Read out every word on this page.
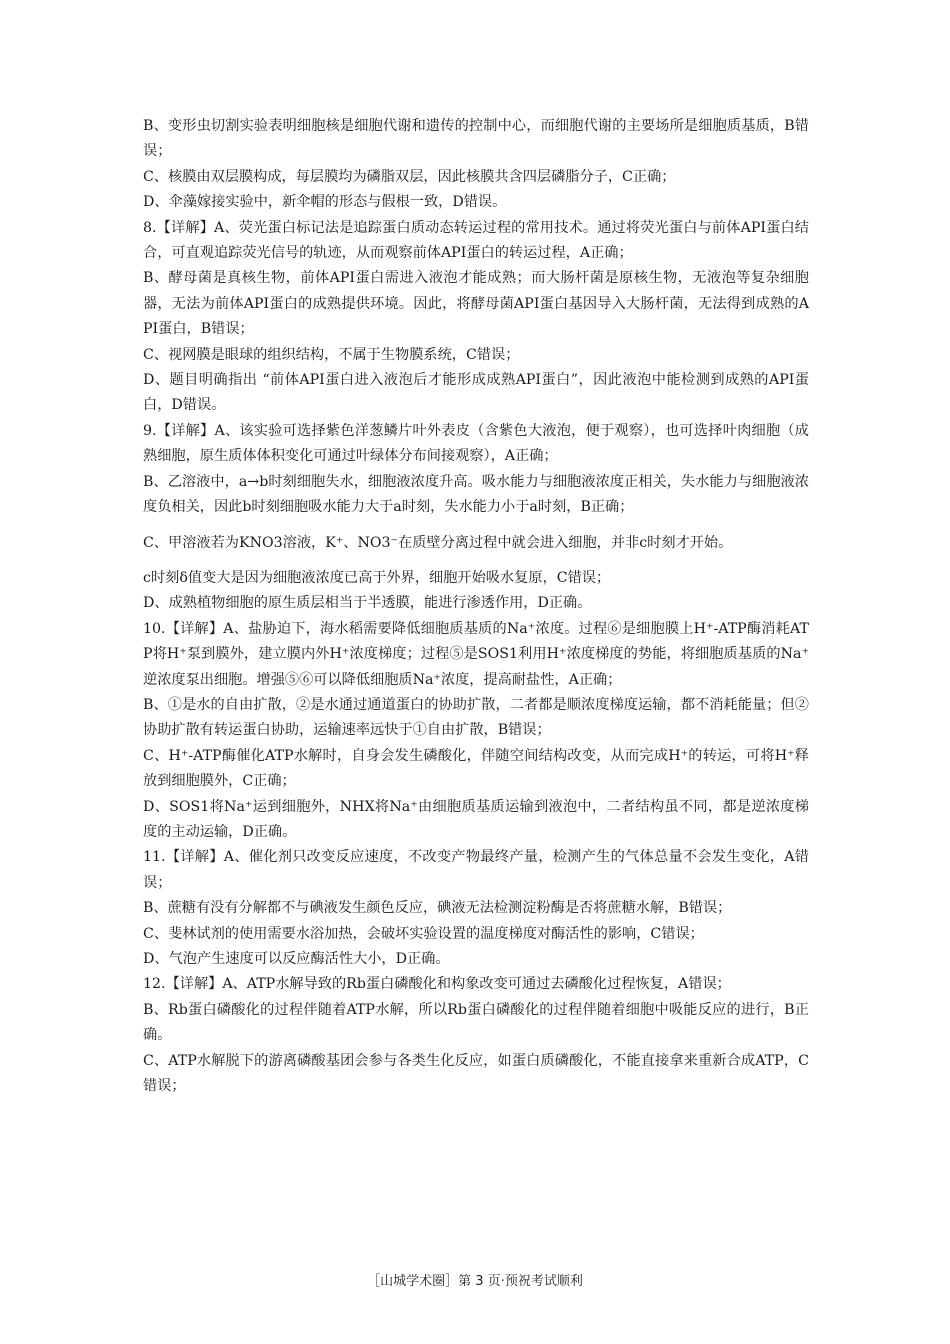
B、变形虫切割实验表明细胞核是细胞代谢和遗传的控制中心，而细胞代谢的主要场所是细胞质基质，B错误；

C、核膜由双层膜构成，每层膜均为磷脂双层，因此核膜共含四层磷脂分子，C正确；

D、伞藻嫁接实验中，新伞帽的形态与假根一致，D错误。

8.【详解】A、荧光蛋白标记法是追踪蛋白质动态转运过程的常用技术。通过将荧光蛋白与前体API蛋白结合，可直观追踪荧光信号的轨迹，从而观察前体API蛋白的转运过程，A正确；

B、酵母菌是真核生物，前体API蛋白需进入液泡才能成熟；而大肠杆菌是原核生物，无液泡等复杂细胞器，无法为前体API蛋白的成熟提供环境。因此，将酵母菌API蛋白基因导入大肠杆菌，无法得到成熟的API蛋白，B错误；

C、视网膜是眼球的组织结构，不属于生物膜系统，C错误；

D、题目明确指出 “前体API蛋白进入液泡后才能形成成熟API蛋白”，因此液泡中能检测到成熟的API蛋白，D错误。

9.【详解】A、该实验可选择紫色洋葱鳞片叶外表皮（含紫色大液泡，便于观察），也可选择叶肉细胞（成熟细胞，原生质体体积变化可通过叶绿体分布间接观察），A正确；

B、乙溶液中，a→b时刻细胞失水，细胞液浓度升高。吸水能力与细胞液浓度正相关，失水能力与细胞液浓度负相关，因此b时刻细胞吸水能力大于a时刻，失水能力小于a时刻，B正确；

C、甲溶液若为KNO3溶液，K⁺、NO3⁻在质壁分离过程中就会进入细胞，并非c时刻才开始。

c时刻δ值变大是因为细胞液浓度已高于外界，细胞开始吸水复原，C错误；

D、成熟植物细胞的原生质层相当于半透膜，能进行渗透作用，D正确。

10.【详解】A、盐胁迫下，海水稻需要降低细胞质基质的Na⁺浓度。过程⑥是细胞膜上H⁺-ATP酶消耗ATP将H⁺泵到膜外，建立膜内外H⁺浓度梯度；过程⑤是SOS1利用H⁺浓度梯度的势能，将细胞质基质的Na⁺逆浓度泵出细胞。增强⑤⑥可以降低细胞质Na⁺浓度，提高耐盐性，A正确；

B、①是水的自由扩散，②是水通过通道蛋白的协助扩散，二者都是顺浓度梯度运输，都不消耗能量；但②协助扩散有转运蛋白协助，运输速率远快于①自由扩散，B错误；

C、H⁺-ATP酶催化ATP水解时，自身会发生磷酸化，伴随空间结构改变，从而完成H⁺的转运，可将H⁺释放到细胞膜外，C正确；

D、SOS1将Na⁺运到细胞外，NHX将Na⁺由细胞质基质运输到液泡中，二者结构虽不同，都是逆浓度梯度的主动运输，D正确。

11.【详解】A、催化剂只改变反应速度，不改变产物最终产量，检测产生的气体总量不会发生变化，A错误；

B、蔗糖有没有分解都不与碘液发生颜色反应，碘液无法检测淀粉酶是否将蔗糖水解，B错误；

C、斐林试剂的使用需要水浴加热，会破坏实验设置的温度梯度对酶活性的影响，C错误；

D、气泡产生速度可以反应酶活性大小，D正确。

12.【详解】A、ATP水解导致的Rb蛋白磷酸化和构象改变可通过去磷酸化过程恢复，A错误；

B、Rb蛋白磷酸化的过程伴随着ATP水解，所以Rb蛋白磷酸化的过程伴随着细胞中吸能反应的进行，B正确。

C、ATP水解脱下的游离磷酸基团会参与各类生化反应，如蛋白质磷酸化，不能直接拿来重新合成ATP，C错误；

［山城学术圈］第 3 页·预祝考试顺利
